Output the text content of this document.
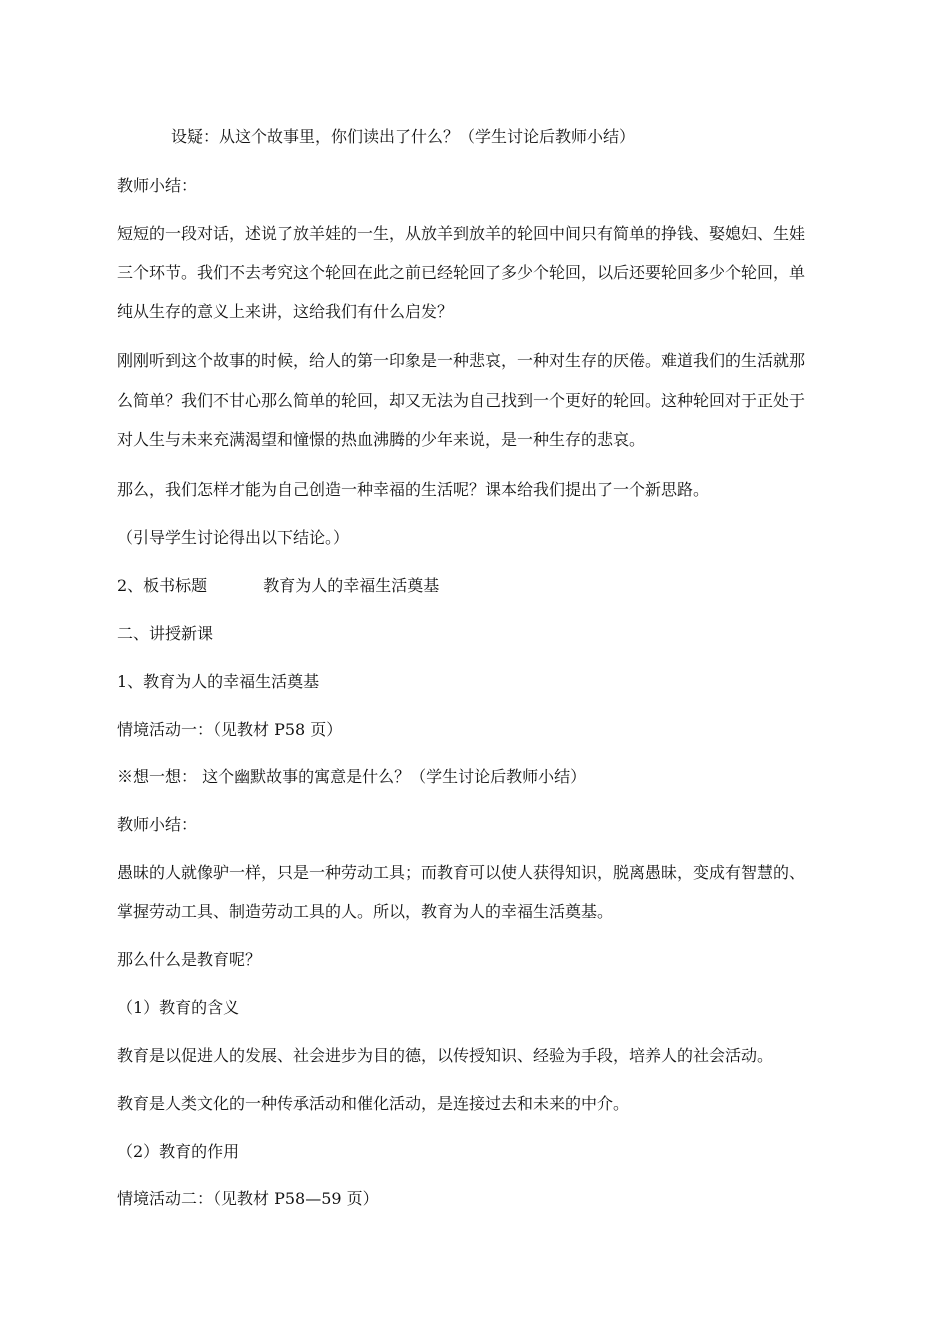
设疑：从这个故事里，你们读出了什么？（学生讨论后教师小结）
教师小结：
短短的一段对话，述说了放羊娃的一生，从放羊到放羊的轮回中间只有简单的挣钱、娶媳妇、生娃
三个环节。我们不去考究这个轮回在此之前已经轮回了多少个轮回，以后还要轮回多少个轮回，单
纯从生存的意义上来讲，这给我们有什么启发？
刚刚听到这个故事的时候，给人的第一印象是一种悲哀，一种对生存的厌倦。难道我们的生活就那
么简单？我们不甘心那么简单的轮回，却又无法为自己找到一个更好的轮回。这种轮回对于正处于
对人生与未来充满渴望和憧憬的热血沸腾的少年来说，是一种生存的悲哀。
那么，我们怎样才能为自己创造一种幸福的生活呢？课本给我们提出了一个新思路。
（引导学生讨论得出以下结论。）
2、板书标题	教育为人的幸福生活奠基
二、讲授新课
1、教育为人的幸福生活奠基
情境活动一：（见教材 P58 页）
※想一想： 这个幽默故事的寓意是什么？（学生讨论后教师小结）
教师小结：
愚昧的人就像驴一样，只是一种劳动工具；而教育可以使人获得知识，脱离愚昧，变成有智慧的、
掌握劳动工具、制造劳动工具的人。所以，教育为人的幸福生活奠基。
那么什么是教育呢？
（1）教育的含义
教育是以促进人的发展、社会进步为目的德，以传授知识、经验为手段，培养人的社会活动。
教育是人类文化的一种传承活动和催化活动，是连接过去和未来的中介。
（2）教育的作用
情境活动二：（见教材 P58—59 页）
